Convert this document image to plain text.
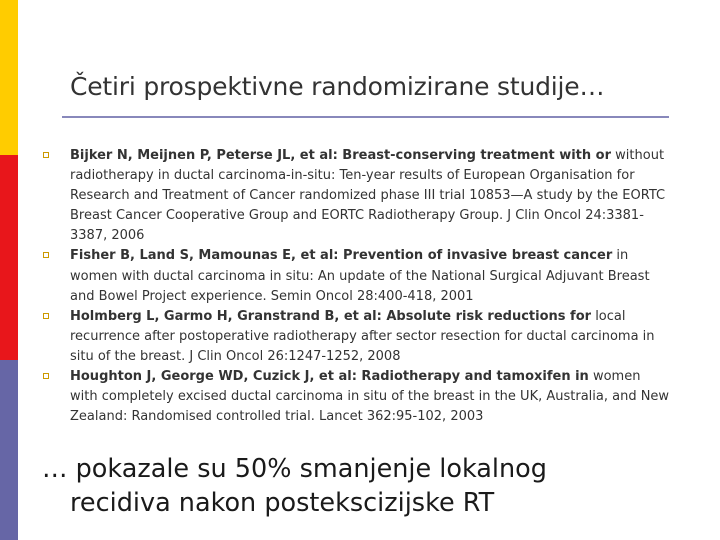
Četiri prospektivne randomizirane studije…
Bijker N, Meijnen P, Peterse JL, et al: Breast-conserving treatment with or without radiotherapy in ductal carcinoma-in-situ: Ten-year results of European Organisation for Research and Treatment of Cancer randomized phase III trial 10853—A study by the EORTC Breast Cancer Cooperative Group and EORTC Radiotherapy Group. J Clin Oncol 24:3381-3387, 2006
Fisher B, Land S, Mamounas E, et al: Prevention of invasive breast cancer in women with ductal carcinoma in situ: An update of the National Surgical Adjuvant Breast and Bowel Project experience. Semin Oncol 28:400-418, 2001
Holmberg L, Garmo H, Granstrand B, et al: Absolute risk reductions for local recurrence after postoperative radiotherapy after sector resection for ductal carcinoma in situ of the breast. J Clin Oncol 26:1247-1252, 2008
Houghton J, George WD, Cuzick J, et al: Radiotherapy and tamoxifen in women with completely excised ductal carcinoma in situ of the breast in the UK, Australia, and New Zealand: Randomised controlled trial. Lancet 362:95-102, 2003
… pokazale su 50% smanjenje lokalnog
recidiva nakon postekscizijske RT
